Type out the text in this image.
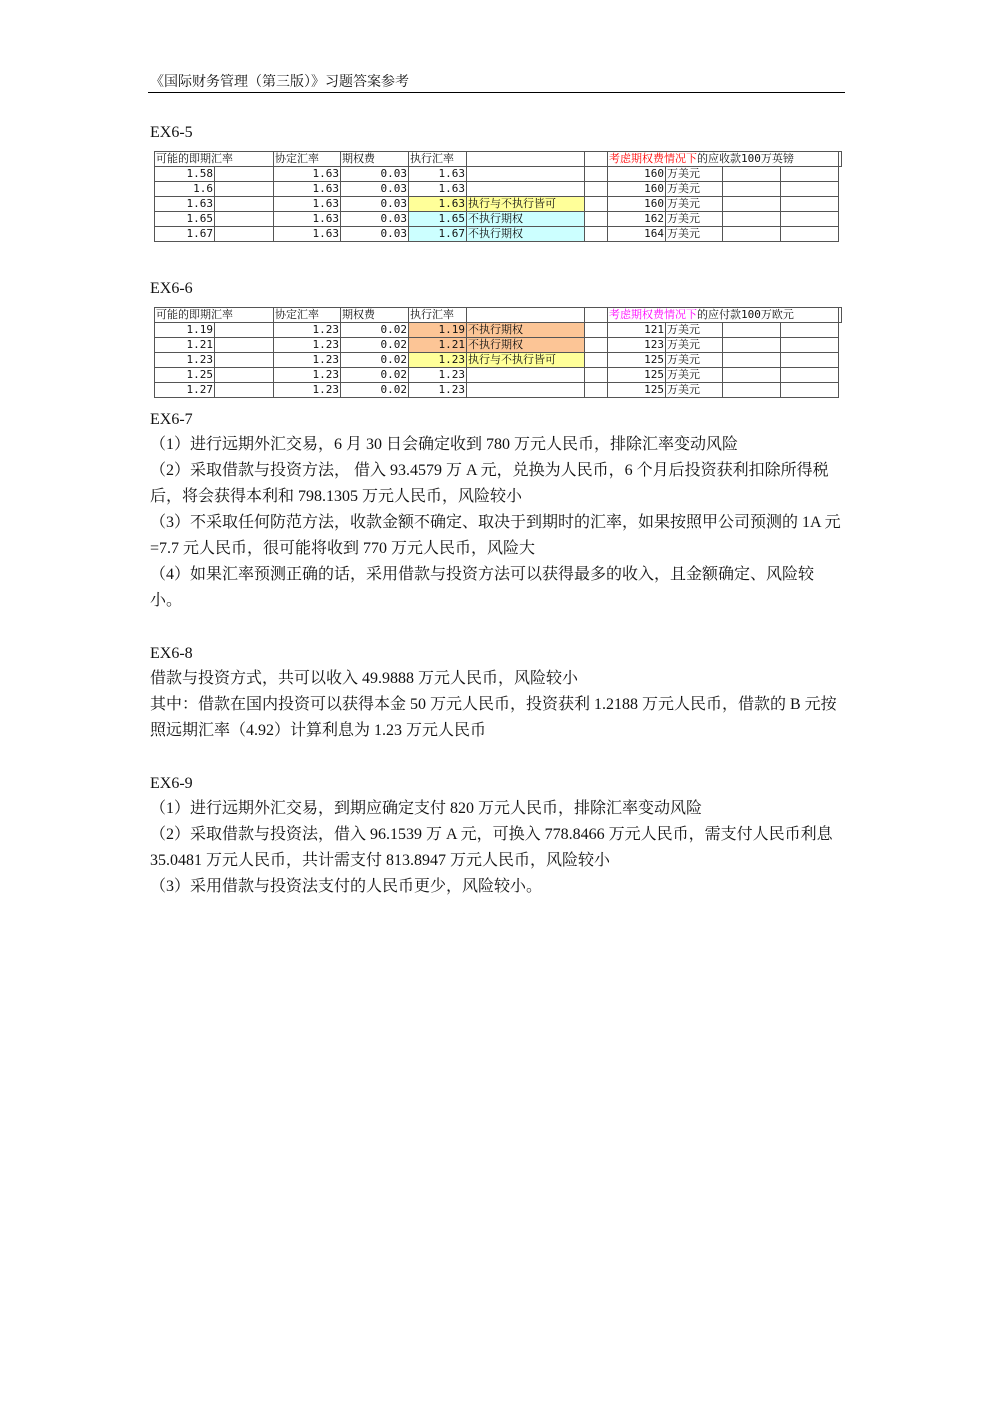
《国际财务管理（第三版）》习题答案参考
EX6-5
可能的即期汇率		协定汇率	期权费	执行汇率			考虑期权费情况下的应收款100万英镑				
1.58		1.63	0.03	1.63			160	万美元			
1.6		1.63	0.03	1.63			160	万美元			
1.63		1.63	0.03	1.63	执行与不执行皆可		160	万美元			
1.65		1.63	0.03	1.65	不执行期权		162	万美元			
1.67		1.63	0.03	1.67	不执行期权		164	万美元			
EX6-6
可能的即期汇率		协定汇率	期权费	执行汇率			考虑期权费情况下的应付款100万欧元				
1.19		1.23	0.02	1.19	不执行期权		121	万美元			
1.21		1.23	0.02	1.21	不执行期权		123	万美元			
1.23		1.23	0.02	1.23	执行与不执行皆可		125	万美元			
1.25		1.23	0.02	1.23			125	万美元			
1.27		1.23	0.02	1.23			125	万美元			
EX6-7

（1）进行远期外汇交易，6 月 30 日会确定收到 780 万元人民币，排除汇率变动风险

（2）采取借款与投资方法， 借入 93.4579 万 A 元，兑换为人民币，6 个月后投资获利扣除所得税后，将会获得本利和 798.1305 万元人民币，风险较小

（3）不采取任何防范方法，收款金额不确定、取决于到期时的汇率，如果按照甲公司预测的 1A 元=7.7 元人民币，很可能将收到 770 万元人民币，风险大

（4）如果汇率预测正确的话，采用借款与投资方法可以获得最多的收入，且金额确定、风险较小。

EX6-8

借款与投资方式，共可以收入 49.9888 万元人民币，风险较小

其中：借款在国内投资可以获得本金 50 万元人民币，投资获利 1.2188 万元人民币，借款的 B 元按照远期汇率（4.92）计算利息为 1.23 万元人民币

EX6-9

（1）进行远期外汇交易，到期应确定支付 820 万元人民币，排除汇率变动风险

（2）采取借款与投资法，借入 96.1539 万 A 元，可换入 778.8466 万元人民币，需支付人民币利息 35.0481 万元人民币，共计需支付 813.8947 万元人民币，风险较小

（3）采用借款与投资法支付的人民币更少，风险较小。
